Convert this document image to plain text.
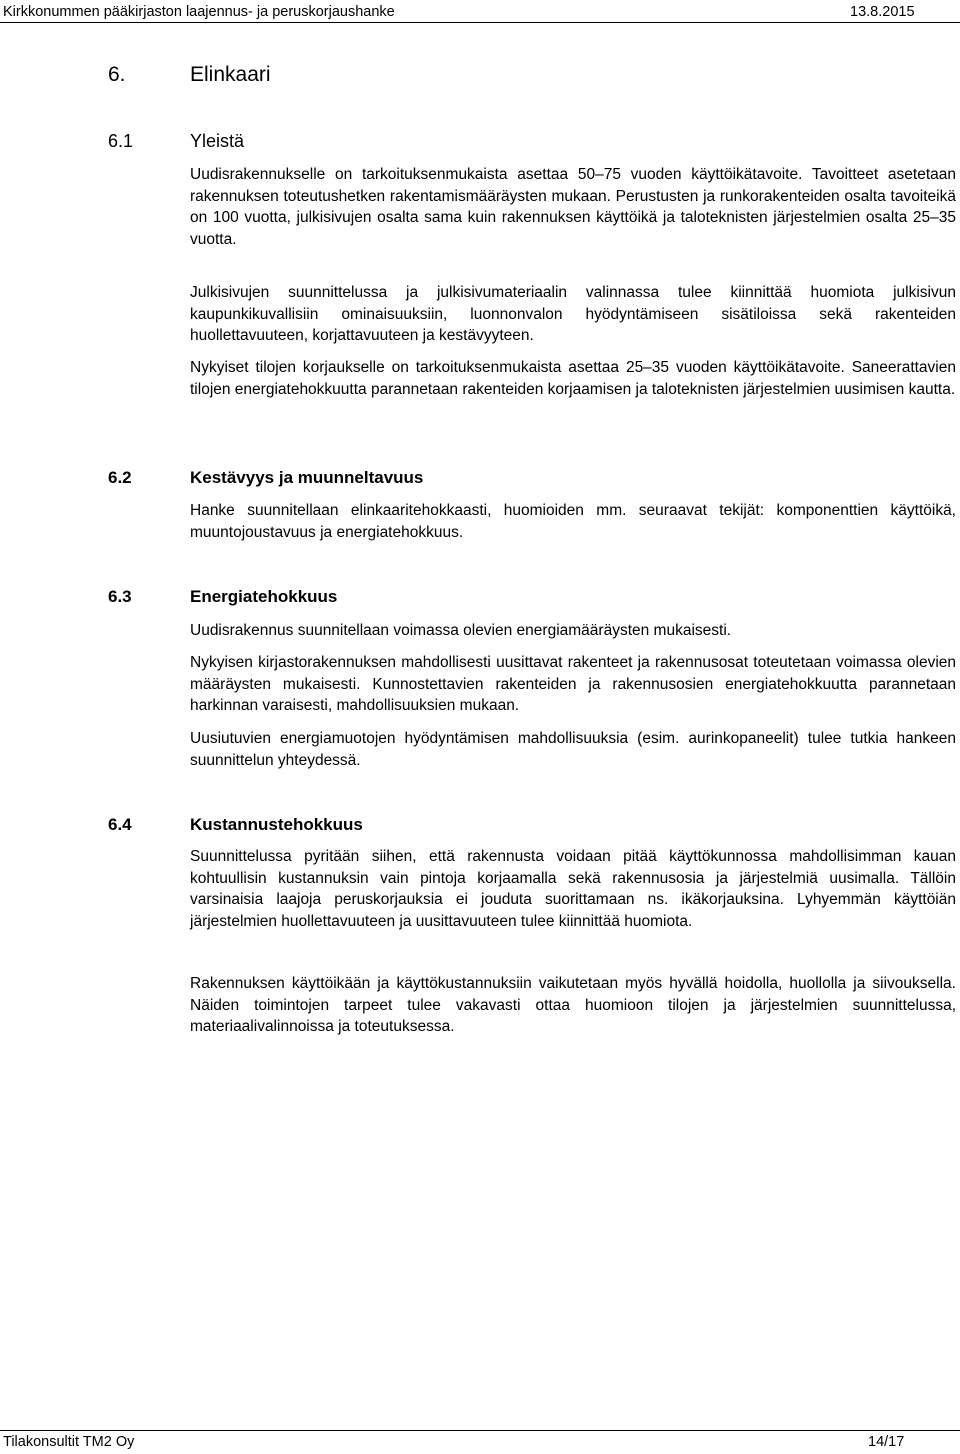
Kirkkonummen pääkirjaston laajennus- ja peruskorjaushanke	13.8.2015
6.	Elinkaari
6.1	Yleistä

Uudisrakennukselle on tarkoituksenmukaista asettaa 50–75 vuoden käyttöikätavoite. Tavoitteet asetetaan rakennuksen toteutushetken rakentamismääräysten mukaan. Perustusten ja runkorakenteiden osalta tavoiteikä on 100 vuotta, julkisivujen osalta sama kuin rakennuksen käyttöikä ja taloteknisten järjestelmien osalta 25–35 vuotta.

Julkisivujen suunnittelussa ja julkisivumateriaalin valinnassa tulee kiinnittää huomiota julkisivun kaupunkikuvallisiin ominaisuuksiin, luonnonvalon hyödyntämiseen sisätiloissa sekä rakenteiden huollettavuuteen, korjattavuuteen ja kestävyyteen.

Nykyiset tilojen korjaukselle on tarkoituksenmukaista asettaa 25–35 vuoden käyttöikätavoite. Saneerattavien tilojen energiatehokkuutta parannetaan rakenteiden korjaamisen ja taloteknisten järjestelmien uusimisen kautta.

6.2	Kestävyys ja muunneltavuus

Hanke suunnitellaan elinkaaritehokkaasti, huomioiden mm. seuraavat tekijät: komponenttien käyttöikä, muuntojoustavuus ja energiatehokkuus.

6.3	Energiatehokkuus

Uudisrakennus suunnitellaan voimassa olevien energiamääräysten mukaisesti.

Nykyisen kirjastorakennuksen mahdollisesti uusittavat rakenteet ja rakennusosat toteutetaan voimassa olevien määräysten mukaisesti. Kunnostettavien rakenteiden ja rakennusosien energiatehokkuutta parannetaan harkinnan varaisesti, mahdollisuuksien mukaan.

Uusiutuvien energiamuotojen hyödyntämisen mahdollisuuksia (esim. aurinkopaneelit) tulee tutkia hankeen suunnittelun yhteydessä.

6.4	Kustannustehokkuus

Suunnittelussa pyritään siihen, että rakennusta voidaan pitää käyttökunnossa mahdollisimman kauan kohtuullisin kustannuksin vain pintoja korjaamalla sekä rakennusosia ja järjestelmiä uusimalla. Tällöin varsinaisia laajoja peruskorjauksia ei jouduta suorittamaan ns. ikäkorjauksina. Lyhyemmän käyttöiän järjestelmien huollettavuuteen ja uusittavuuteen tulee kiinnittää huomiota.

Rakennuksen käyttöikään ja käyttökustannuksiin vaikutetaan myös hyvällä hoidolla, huollolla ja siivouksella. Näiden toimintojen tarpeet tulee vakavasti ottaa huomioon tilojen ja järjestelmien suunnittelussa, materiaalivalinnoissa ja toteutuksessa.

Tilakonsultit TM2 Oy	14/17
